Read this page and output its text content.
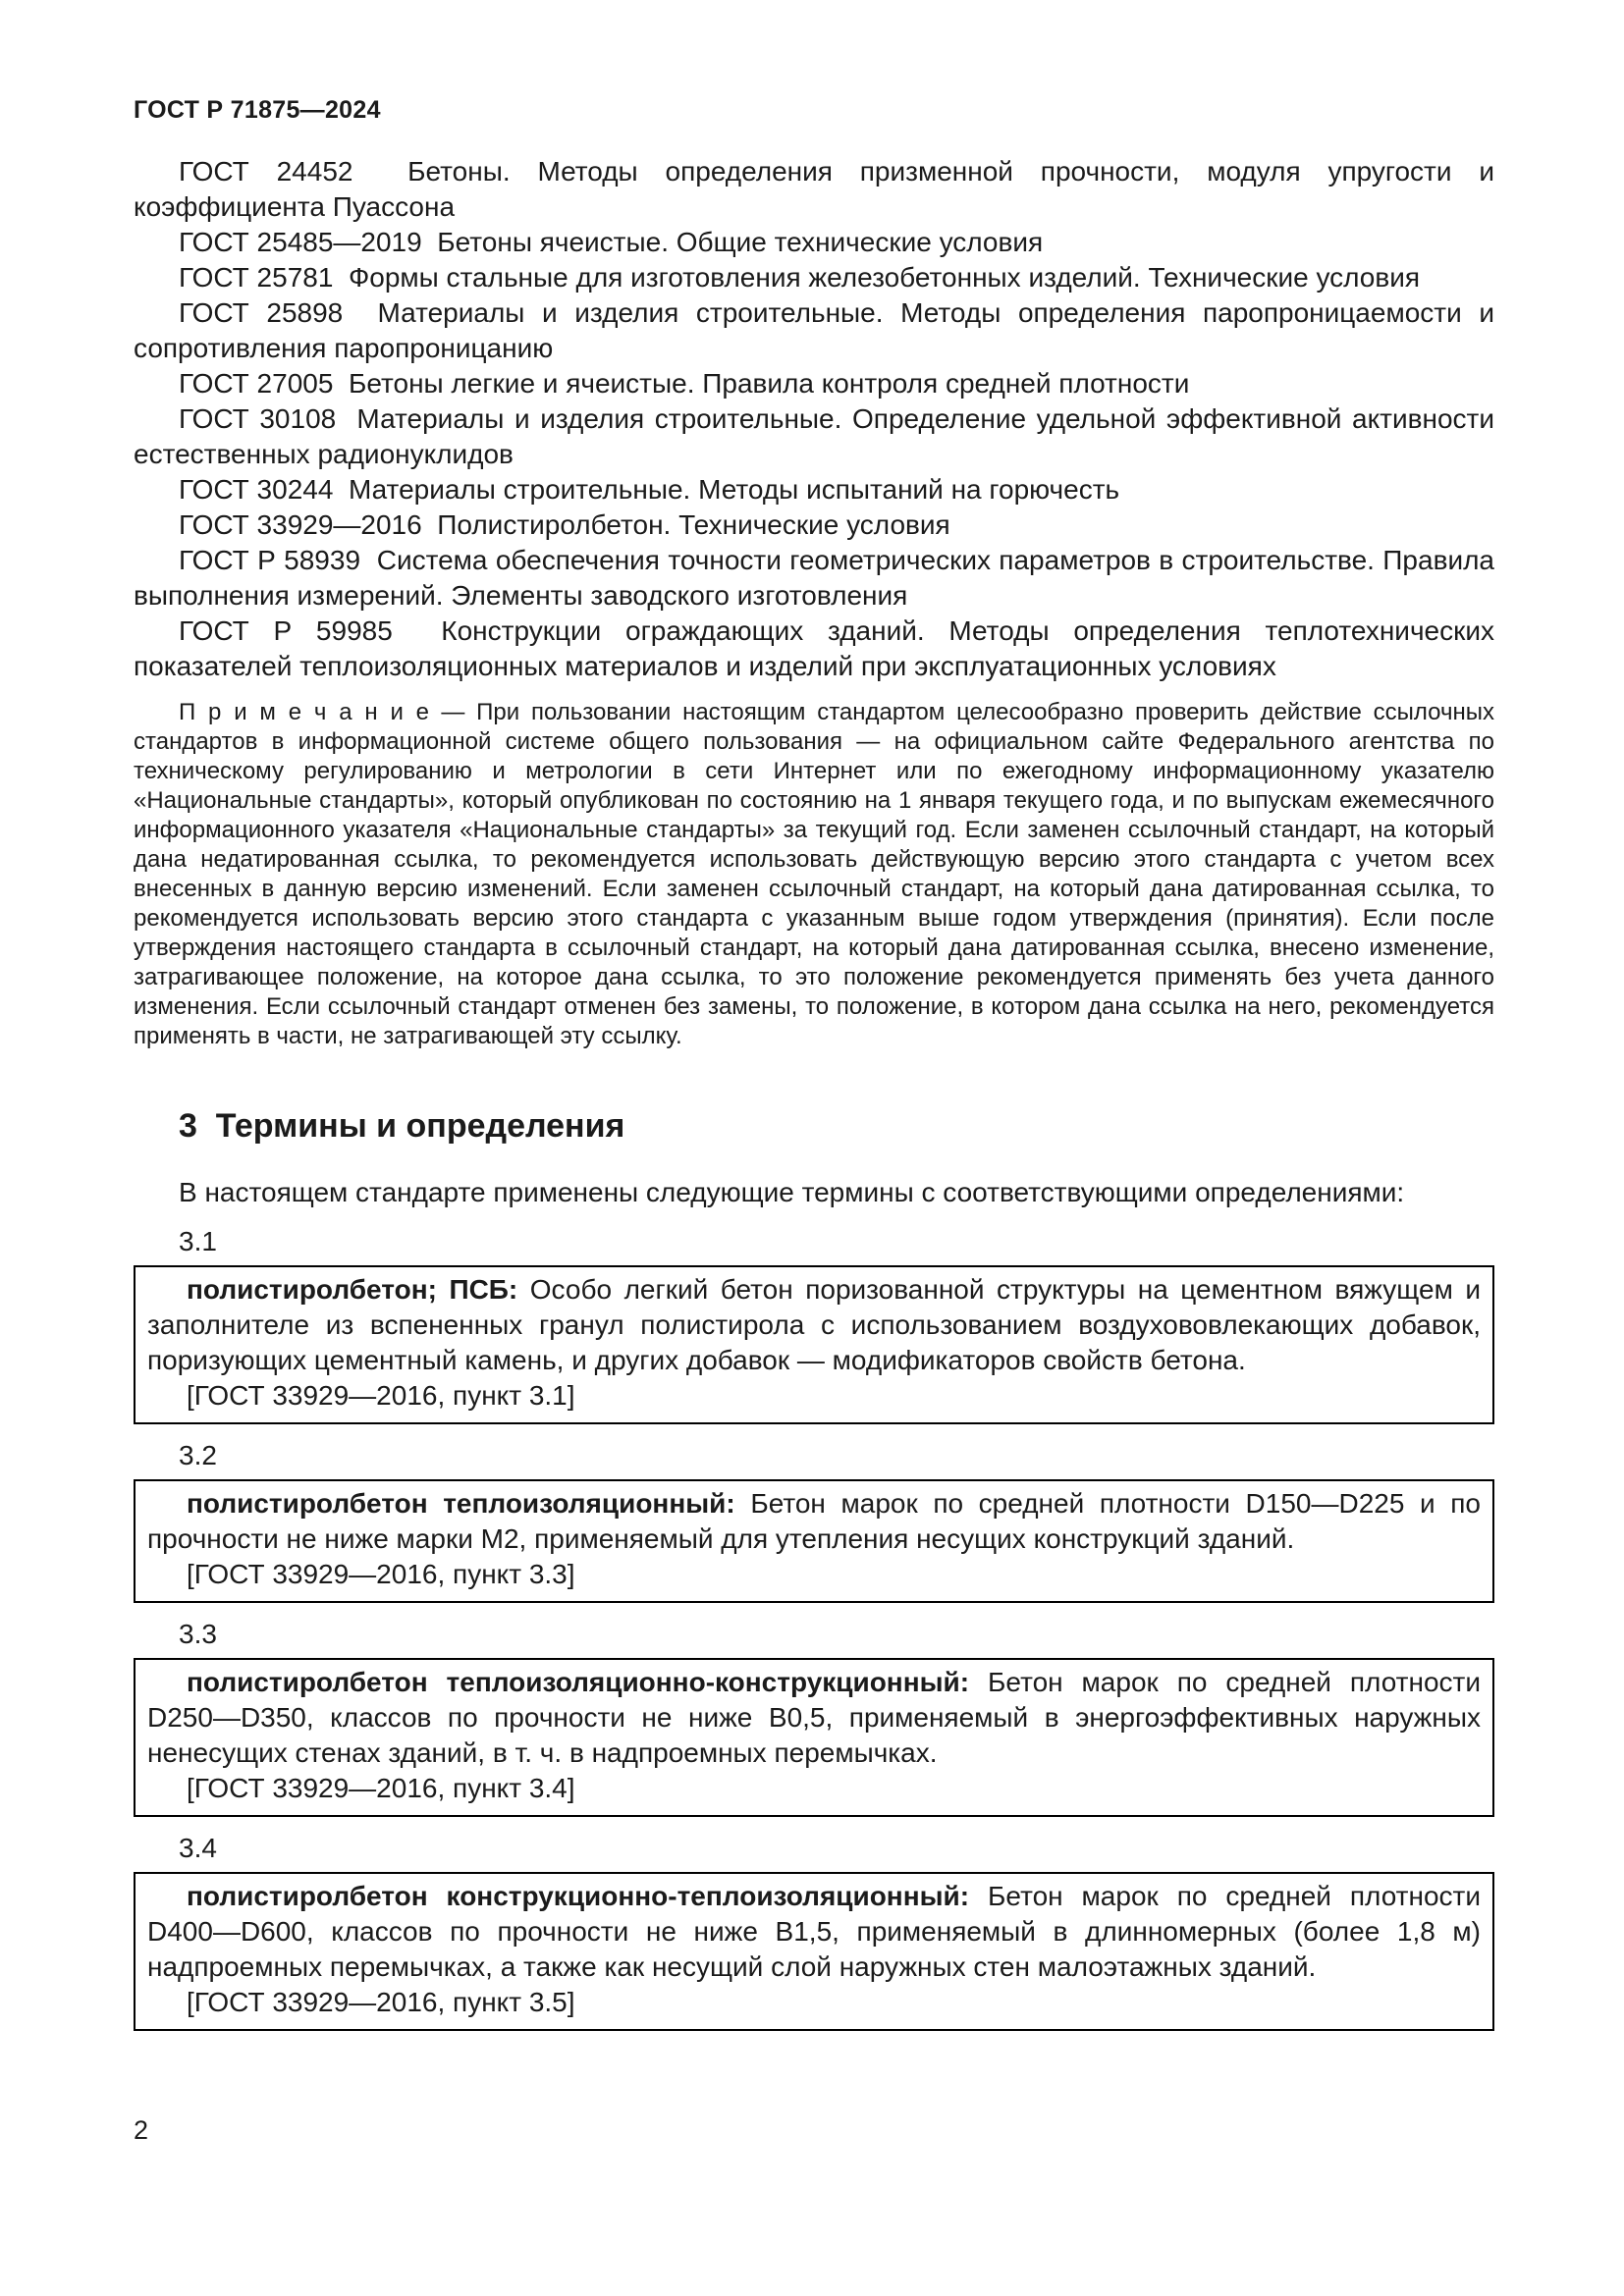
ГОСТ Р 71875—2024

ГОСТ 24452  Бетоны. Методы определения призменной прочности, модуля упругости и коэффициента Пуассона

ГОСТ 25485—2019  Бетоны ячеистые. Общие технические условия

ГОСТ 25781  Формы стальные для изготовления железобетонных изделий. Технические условия

ГОСТ 25898  Материалы и изделия строительные. Методы определения паропроницаемости и сопротивления паропроницанию

ГОСТ 27005  Бетоны легкие и ячеистые. Правила контроля средней плотности

ГОСТ 30108  Материалы и изделия строительные. Определение удельной эффективной активности естественных радионуклидов

ГОСТ 30244  Материалы строительные. Методы испытаний на горючесть

ГОСТ 33929—2016  Полистиролбетон. Технические условия

ГОСТ Р 58939  Система обеспечения точности геометрических параметров в строительстве. Правила выполнения измерений. Элементы заводского изготовления

ГОСТ Р 59985  Конструкции ограждающих зданий. Методы определения теплотехнических показателей теплоизоляционных материалов и изделий при эксплуатационных условиях

П р и м е ч а н и е — При пользовании настоящим стандартом целесообразно проверить действие ссылочных стандартов в информационной системе общего пользования — на официальном сайте Федерального агентства по техническому регулированию и метрологии в сети Интернет или по ежегодному информационному указателю «Национальные стандарты», который опубликован по состоянию на 1 января текущего года, и по выпускам ежемесячного информационного указателя «Национальные стандарты» за текущий год. Если заменен ссылочный стандарт, на который дана недатированная ссылка, то рекомендуется использовать действующую версию этого стандарта с учетом всех внесенных в данную версию изменений. Если заменен ссылочный стандарт, на который дана датированная ссылка, то рекомендуется использовать версию этого стандарта с указанным выше годом утверждения (принятия). Если после утверждения настоящего стандарта в ссылочный стандарт, на который дана датированная ссылка, внесено изменение, затрагивающее положение, на которое дана ссылка, то это положение рекомендуется применять без учета данного изменения. Если ссылочный стандарт отменен без замены, то положение, в котором дана ссылка на него, рекомендуется применять в части, не затрагивающей эту ссылку.

3  Термины и определения

В настоящем стандарте применены следующие термины с соответствующими определениями:

3.1

полистиролбетон; ПСБ: Особо легкий бетон поризованной структуры на цементном вяжущем и заполнителе из вспененных гранул полистирола с использованием воздухововлекающих добавок, поризующих цементный камень, и других добавок — модификаторов свойств бетона.

[ГОСТ 33929—2016, пункт 3.1]

3.2

полистиролбетон теплоизоляционный: Бетон марок по средней плотности D150—D225 и по прочности не ниже марки М2, применяемый для утепления несущих конструкций зданий.

[ГОСТ 33929—2016, пункт 3.3]

3.3

полистиролбетон теплоизоляционно-конструкционный: Бетон марок по средней плотности D250—D350, классов по прочности не ниже В0,5, применяемый в энергоэффективных наружных ненесущих стенах зданий, в т. ч. в надпроемных перемычках.

[ГОСТ 33929—2016, пункт 3.4]

3.4

полистиролбетон конструкционно-теплоизоляционный: Бетон марок по средней плотности D400—D600, классов по прочности не ниже В1,5, применяемый в длинномерных (более 1,8 м) надпроемных перемычках, а также как несущий слой наружных стен малоэтажных зданий.

[ГОСТ 33929—2016, пункт 3.5]

2
